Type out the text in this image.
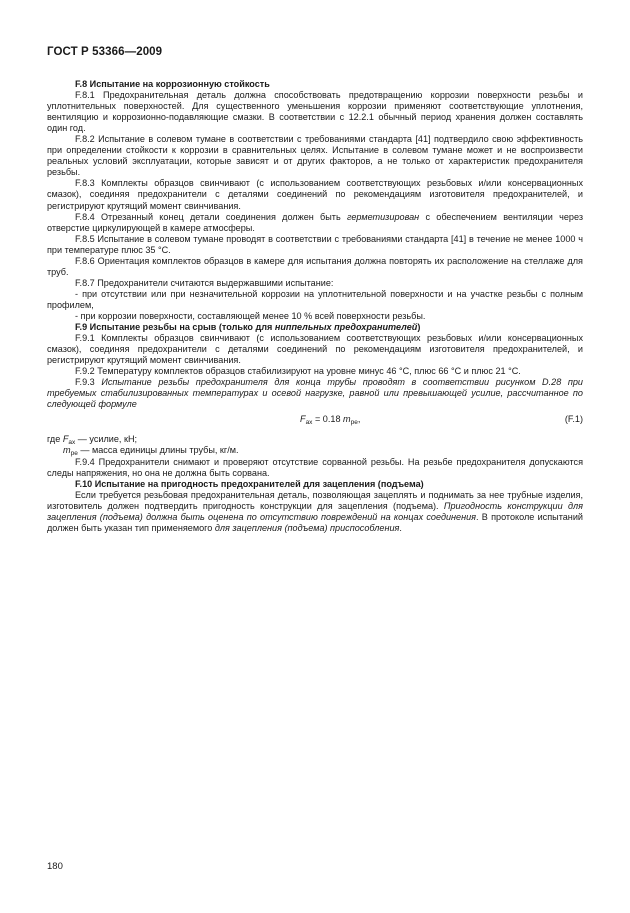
ГОСТ Р 53366—2009

F.8 Испытание на коррозионную стойкость

F.8.1 Предохранительная деталь должна способствовать предотвращению коррозии поверхности резьбы и уплотнительных поверхностей. Для существенного уменьшения коррозии применяют соответствующие уплотнения, вентиляцию и коррозионно-подавляющие смазки. В соответствии с 12.2.1 обычный период хранения должен составлять один год.

F.8.2 Испытание в солевом тумане в соответствии с требованиями стандарта [41] подтвердило свою эффективность при определении стойкости к коррозии в сравнительных целях. Испытание в солевом тумане может и не воспроизвести реальных условий эксплуатации, которые зависят и от других факторов, а не только от характеристик предохранителя резьбы.

F.8.3 Комплекты образцов свинчивают (с использованием соответствующих резьбовых и/или консервационных смазок), соединяя предохранители с деталями соединений по рекомендациям изготовителя предохранителей, и регистрируют крутящий момент свинчивания.

F.8.4 Отрезанный конец детали соединения должен быть герметизирован с обеспечением вентиляции через отверстие циркулирующей в камере атмосферы.

F.8.5 Испытание в солевом тумане проводят в соответствии с требованиями стандарта [41] в течение не менее 1000 ч при температуре плюс 35 °С.

F.8.6 Ориентация комплектов образцов в камере для испытания должна повторять их расположение на стеллаже для труб.

F.8.7 Предохранители считаются выдержавшими испытание:

- при отсутствии или при незначительной коррозии на уплотнительной поверхности и на участке резьбы с полным профилем,

- при коррозии поверхности, составляющей менее 10 % всей поверхности резьбы.

F.9 Испытание резьбы на срыв (только для ниппельных предохранителей)

F.9.1 Комплекты образцов свинчивают (с использованием соответствующих резьбовых и/или консервационных смазок), соединяя предохранители с деталями соединений по рекомендациям изготовителя предохранителей, и регистрируют крутящий момент свинчивания.

F.9.2 Температуру комплектов образцов стабилизируют на уровне минус 46 °С, плюс 66 °С и плюс 21 °С.

F.9.3 Испытание резьбы предохранителя для конца трубы проводят в соответствии рисунком D.28 при требуемых стабилизированных температурах и осевой нагрузке, равной или превышающей усилие, рассчитанное по следующей формуле

$F_{ax} = 0.18$ $m_{pe}$,	(F.1)

где $F_{ax}$ — усилие, кН;

$m_{pe}$ — масса единицы длины трубы, кг/м.

F.9.4 Предохранители снимают и проверяют отсутствие сорванной резьбы. На резьбе предохранителя допускаются следы напряжения, но она не должна быть сорвана.

F.10 Испытание на пригодность предохранителей для зацепления (подъема)

Если требуется резьбовая предохранительная деталь, позволяющая зацеплять и поднимать за нее трубные изделия, изготовитель должен подтвердить пригодность конструкции для зацепления (подъема). Пригодность конструкции для зацепления (подъема) должна быть оценена по отсутствию повреждений на концах соединения. В протоколе испытаний должен быть указан тип применяемого для зацепления (подъема) приспособления.

180
